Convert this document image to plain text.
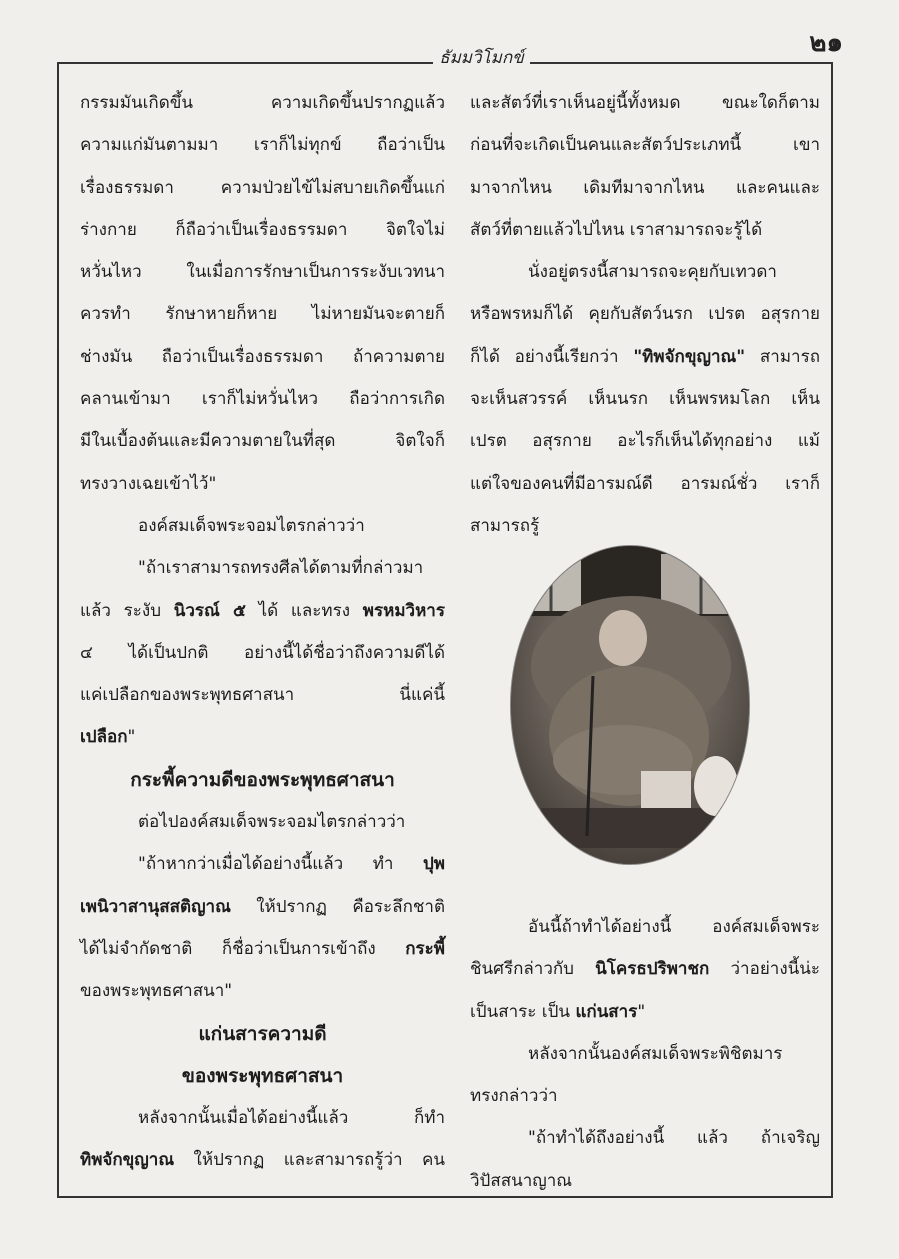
๒๑
ธัมมวิโมกข์

กรรมมันเกิดขึ้น ความเกิดขึ้นปรากฏแล้ว

ความแก่มันตามมา เราก็ไม่ทุกข์ ถือว่าเป็น

เรื่องธรรมดา ความป่วยไข้ไม่สบายเกิดขึ้นแก่

ร่างกาย ก็ถือว่าเป็นเรื่องธรรมดา จิตใจไม่

หวั่นไหว ในเมื่อการรักษาเป็นการระงับเวทนา

ควรทำ รักษาหายก็หาย ไม่หายมันจะตายก็

ช่างมัน ถือว่าเป็นเรื่องธรรมดา ถ้าความตาย

คลานเข้ามา เราก็ไม่หวั่นไหว ถือว่าการเกิด

มีในเบื้องต้นและมีความตายในที่สุด จิตใจก็

ทรงวางเฉยเข้าไว้"

องค์สมเด็จพระจอมไตรกล่าวว่า

"ถ้าเราสามารถทรงศีลได้ตามที่กล่าวมา

แล้ว ระงับ นิวรณ์ ๕ ได้ และทรง พรหมวิหาร

๔ ได้เป็นปกติ อย่างนี้ได้ชื่อว่าถึงความดีได้

แค่เปลือกของพระพุทธศาสนา นี่แค่นี้

เปลือก"

กระพี้ความดีของพระพุทธศาสนา

ต่อไปองค์สมเด็จพระจอมไตรกล่าวว่า

"ถ้าหากว่าเมื่อได้อย่างนี้แล้ว ทำ ปุพ

เพนิวาสานุสสติญาณ ให้ปรากฏ คือระลึกชาติ

ได้ไม่จำกัดชาติ ก็ชื่อว่าเป็นการเข้าถึง กระพี้

ของพระพุทธศาสนา"

แก่นสารความดี

ของพระพุทธศาสนา

หลังจากนั้นเมื่อได้อย่างนี้แล้ว ก็ทำ

ทิพจักขุญาณ ให้ปรากฏ และสามารถรู้ว่า คน

และสัตว์ที่เราเห็นอยู่นี้ทั้งหมด ขณะใดก็ตาม

ก่อนที่จะเกิดเป็นคนและสัตว์ประเภทนี้ เขา

มาจากไหน เดิมทีมาจากไหน และคนและ

สัตว์ที่ตายแล้วไปไหน เราสามารถจะรู้ได้

นั่งอยู่ตรงนี้สามารถจะคุยกับเทวดา

หรือพรหมก็ได้ คุยกับสัตว์นรก เปรต อสุรกาย

ก็ได้ อย่างนี้เรียกว่า "ทิพจักขุญาณ" สามารถ

จะเห็นสวรรค์ เห็นนรก เห็นพรหมโลก เห็น

เปรต อสุรกาย อะไรก็เห็นได้ทุกอย่าง แม้

แต่ใจของคนที่มีอารมณ์ดี อารมณ์ชั่ว เราก็

สามารถรู้

อันนี้ถ้าทำได้อย่างนี้ องค์สมเด็จพระ

ชินศรีกล่าวกับ นิโครธปริพาชก ว่าอย่างนี้น่ะ

เป็นสาระ เป็น แก่นสาร"

หลังจากนั้นองค์สมเด็จพระพิชิตมาร

ทรงกล่าวว่า

"ถ้าทำได้ถึงอย่างนี้ แล้ว ถ้าเจริญ

วิปัสสนาญาณ
